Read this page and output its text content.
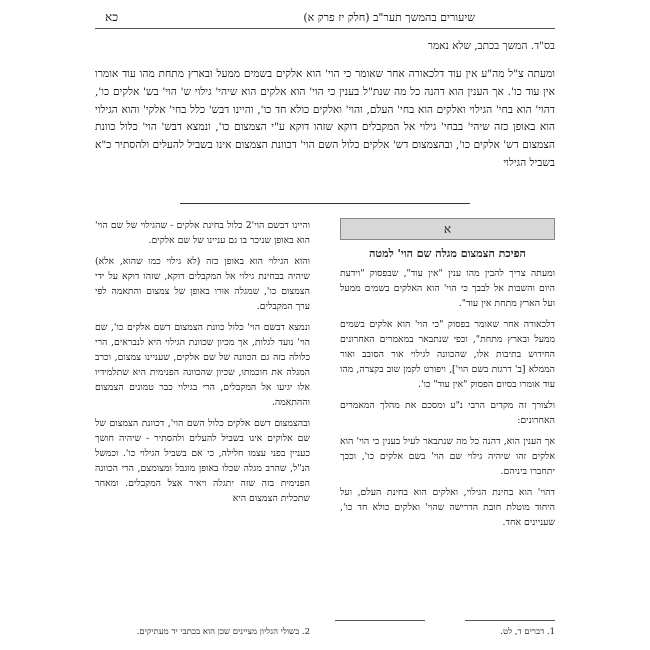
שיעורים בהמשך תער"ב (חלק יז פרק א)
כא
בס"ד. המשך בכתב, שלא נאמר

ומעתה צ"ל מה"ע אין עוד דלכאורה אחר שאומר כי הוי' הוא אלקים בשמים ממעל ובארץ מתחת מהו עוד אומרו אין עוד כו'. אך הענין הוא דהנה כל מה שנת"ל בענין כי הוי' הוא אלקים הוא שיהי' גילוי ש' הוי' בש' אלקים כו', דהוי' הוא בחי' הגילוי ואלקים הוא בחי' העלם, והוי' ואלקים כולא חד כו', והיינו דבש' כלל בחי' אלקי' והוא הגילוי הוא באופן כזה שיהי' בבחי' גילוי אל המקבלים דוקא שזהו דוקא ע"י הצמצום כו', ונמצא דבש' הוי' כלול כוונת הצמצום דש' אלקים כו', ובהצמצום דש' אלקים כלול השם הוי' דכוונת הצמצום אינו בשביל להעלים ולהסתיר כ"א בשביל הגילוי

א
הפיכת הצמצום מגלה שם הוי' למטה

ומעתה צריך להבין מהו ענין "אין עוד", שבפסוק "וידעת היום והשבות אל לבבך כי הוי' הוא האלקים בשמים ממעל ועל הארץ מתחת אין עוד".

דלכאורה אחר שאומר בפסוק "כי הוי' הוא אלקים בשמים ממעל ובארץ מתחת", וכפי שנתבאר במאמרים האחרונים החידוש בתיבות אלו, שהכוונה לגילוי אור הסובב ואור הממלא [ב' דרגות בשם הוי'], ויפורט לקמן שוב בקצרה, מהו עוד אומרו בסיום הפסוק "אין עוד" כו'.

ולצורך זה מקדים הרבי נ"ע ומסכם את מהלך המאמרים האחרונים:

אך הענין הוא, דהנה כל מה שנתבאר לעיל בענין כי הוי' הוא אלקים זהו שיהיה גילוי שם הוי' בשם אלקים כו', וככך יתחברו ביניהם.

דהוי' הוא בחינת הגילוי, ואלקים הוא בחינת העלם, ועל היחוד מוטלת חובת הדרישה שהוי' ואלקים כולא חד כו', שעניינים אחד.

והיינו דבשם הוי'2 כלול בחינת אלקים - שהגילוי של שם הוי' הוא באופן שניכר בו גם עניינו של שם אלקים.

והוא הגילוי הוא באופן כזה (לא גילוי כמו שהוא, אלא) שיהיה בבחינת גילוי אל המקבלים דוקא, שזהו דוקא על ידי הצמצום כו', שמגלה אורו באופן של צמצום והתאמה לפי ערך המקבלים.

ונמצא דבשם הוי' כלול כוונת הצמצום דשם אלקים כו', שם הוי' נועד לגלות, אך מכיון שכוונת הגילוי היא לנבראים, הרי כלולה בזה גם הכוונה של שם אלקים, שעניינו צמצום, וכרב המגלה את חוכמתו, שכיון שהכוונה הפנימית היא שתלמידיו אלו יגיעו אל המקבלים, הרי בגילוי כבר טמונים הצמצום וההתאמה.

ובהצמצום דשם אלקים כלול השם הוי', דכוונת הצמצום של שם אלוקים אינו בשביל להעלים ולהסתיר - שיהיה חושך כעניין בפני עצמו חלילה, כי אם בשביל הגילוי כו'. וכמשל הנ"ל, שהרב מגלה שכלו באופן מוגבל ומצומצם, הרי הכוונה הפנימית בזה שזה יתגלה ויאיר אצל המקבלים. ומאחר שתכלית הצמצום היא

1. דברים ד, לט.
2. בשולי הגליון מציינים שכן הוא בכתבי יד מעתיקים.
